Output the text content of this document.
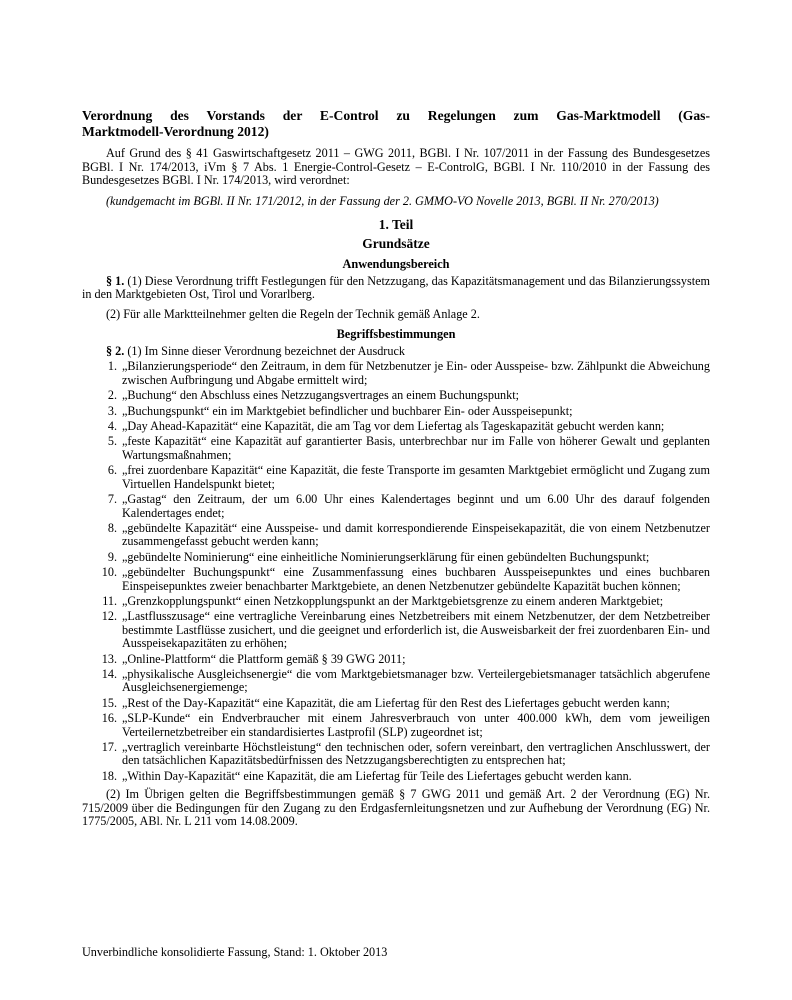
Verordnung des Vorstands der E-Control zu Regelungen zum Gas-Marktmodell (Gas-
Marktmodell-Verordnung 2012)

Auf Grund des § 41 Gaswirtschaftgesetz 2011 – GWG 2011, BGBl. I Nr. 107/2011 in der Fassung des Bundesgesetzes BGBl. I Nr. 174/2013, iVm § 7 Abs. 1 Energie-Control-Gesetz – E-ControlG, BGBl. I Nr. 110/2010 in der Fassung des Bundesgesetzes BGBl. I Nr. 174/2013, wird verordnet:

(kundgemacht im BGBl. II Nr. 171/2012, in der Fassung der 2. GMMO-VO Novelle 2013, BGBl. II Nr. 270/2013)

1. Teil
Grundsätze
Anwendungsbereich

§ 1. (1) Diese Verordnung trifft Festlegungen für den Netzzugang, das Kapazitätsmanagement und das Bilanzierungssystem in den Marktgebieten Ost, Tirol und Vorarlberg.

(2) Für alle Marktteilnehmer gelten die Regeln der Technik gemäß Anlage 2.

Begriffsbestimmungen

§ 2. (1) Im Sinne dieser Verordnung bezeichnet der Ausdruck

1. „Bilanzierungsperiode“ den Zeitraum, in dem für Netzbenutzer je Ein- oder Ausspeise- bzw. Zählpunkt die Abweichung zwischen Aufbringung und Abgabe ermittelt wird;
2. „Buchung“ den Abschluss eines Netzzugangsvertrages an einem Buchungspunkt;
3. „Buchungspunkt“ ein im Marktgebiet befindlicher und buchbarer Ein- oder Ausspeisepunkt;
4. „Day Ahead-Kapazität“ eine Kapazität, die am Tag vor dem Liefertag als Tageskapazität gebucht werden kann;
5. „feste Kapazität“ eine Kapazität auf garantierter Basis, unterbrechbar nur im Falle von höherer Gewalt und geplanten Wartungsmaßnahmen;
6. „frei zuordenbare Kapazität“ eine Kapazität, die feste Transporte im gesamten Marktgebiet ermöglicht und Zugang zum Virtuellen Handelspunkt bietet;
7. „Gastag“ den Zeitraum, der um 6.00 Uhr eines Kalendertages beginnt und um 6.00 Uhr des darauf folgenden Kalendertages endet;
8. „gebündelte Kapazität“ eine Ausspeise- und damit korrespondierende Einspeisekapazität, die von einem Netzbenutzer zusammengefasst gebucht werden kann;
9. „gebündelte Nominierung“ eine einheitliche Nominierungserklärung für einen gebündelten Buchungspunkt;
10. „gebündelter Buchungspunkt“ eine Zusammenfassung eines buchbaren Ausspeisepunktes und eines buchbaren Einspeisepunktes zweier benachbarter Marktgebiete, an denen Netzbenutzer gebündelte Kapazität buchen können;
11. „Grenzkopplungspunkt“ einen Netzkopplungspunkt an der Marktgebietsgrenze zu einem anderen Marktgebiet;
12. „Lastflusszusage“ eine vertragliche Vereinbarung eines Netzbetreibers mit einem Netzbenutzer, der dem Netzbetreiber bestimmte Lastflüsse zusichert, und die geeignet und erforderlich ist, die Ausweisbarkeit der frei zuordenbaren Ein- und Ausspeisekapazitäten zu erhöhen;
13. „Online-Plattform“ die Plattform gemäß § 39 GWG 2011;
14. „physikalische Ausgleichsenergie“ die vom Marktgebietsmanager bzw. Verteilergebietsmanager tatsächlich abgerufene Ausgleichsenergiemenge;
15. „Rest of the Day-Kapazität“ eine Kapazität, die am Liefertag für den Rest des Liefertages gebucht werden kann;
16. „SLP-Kunde“ ein Endverbraucher mit einem Jahresverbrauch von unter 400.000 kWh, dem vom jeweiligen Verteilernetzbetreiber ein standardisiertes Lastprofil (SLP) zugeordnet ist;
17. „vertraglich vereinbarte Höchstleistung“ den technischen oder, sofern vereinbart, den vertraglichen Anschlusswert, der den tatsächlichen Kapazitätsbedürfnissen des Netzzugangsberechtigten zu entsprechen hat;
18. „Within Day-Kapazität“ eine Kapazität, die am Liefertag für Teile des Liefertages gebucht werden kann.

(2) Im Übrigen gelten die Begriffsbestimmungen gemäß § 7 GWG 2011 und gemäß Art. 2 der Verordnung (EG) Nr. 715/2009 über die Bedingungen für den Zugang zu den Erdgasfernleitungsnetzen und zur Aufhebung der Verordnung (EG) Nr. 1775/2005, ABl. Nr. L 211 vom 14.08.2009.

Unverbindliche konsolidierte Fassung, Stand: 1. Oktober 2013
